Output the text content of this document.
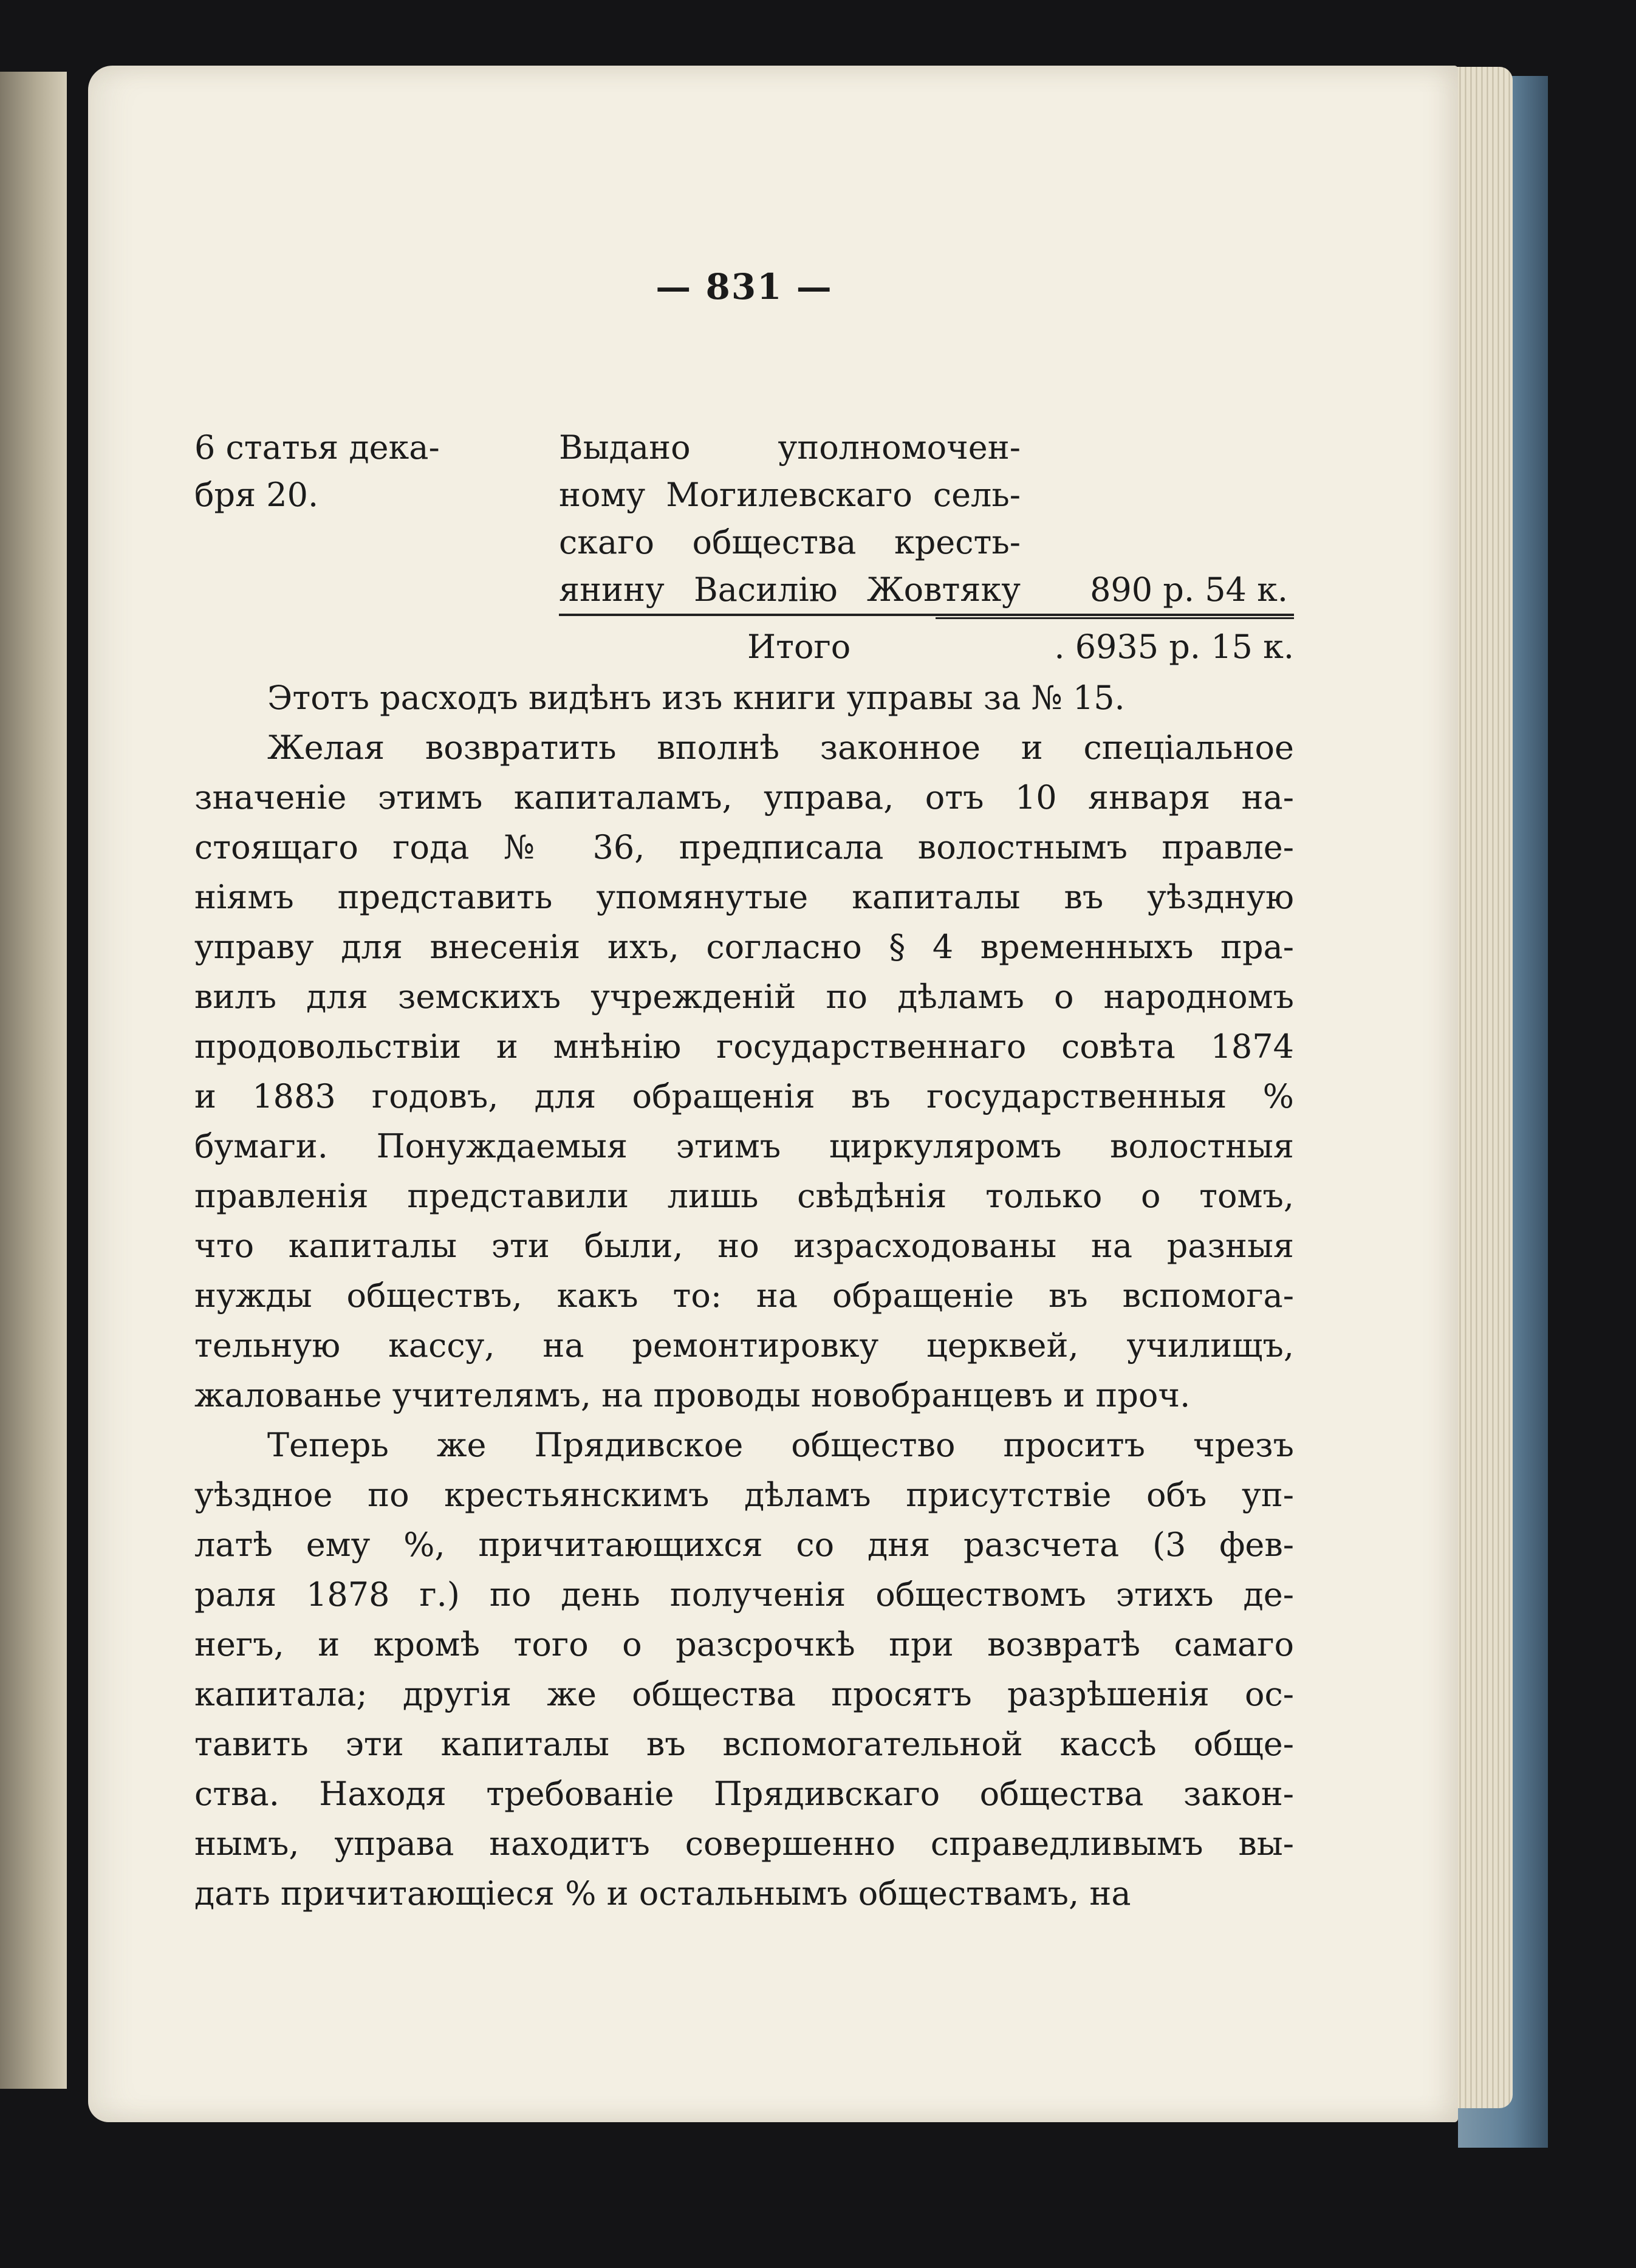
— 831 —
6 статья дека-
бря 20.
Выдано уполномочен-
ному Могилевскаго сель-
скаго общества кресть-
янину Василію Жовтяку 890 р. 54 к.
Итого	. 6935 р. 15 к.
Этотъ расходъ видѣнъ изъ книги управы за № 15.
Желая возвратить вполнѣ законное и спеціальное
значеніе этимъ капиталамъ, управа, отъ 10 января на-
стоящаго года № 36, предписала волостнымъ правле-
ніямъ представить упомянутые капиталы въ уѣздную
управу для внесенія ихъ, согласно § 4 временныхъ пра-
вилъ для земскихъ учрежденій по дѣламъ о народномъ
продовольствіи и мнѣнію государственнаго совѣта 1874
и 1883 годовъ, для обращенія въ государственныя %
бумаги. Понуждаемыя этимъ циркуляромъ волостныя
правленія представили лишь свѣдѣнія только о томъ,
что капиталы эти были, но израсходованы на разныя
нужды обществъ, какъ то: на обращеніе въ вспомога-
тельную кассу, на ремонтировку церквей, училищъ,
жалованье учителямъ, на проводы новобранцевъ и проч.
Теперь же Прядивское общество проситъ чрезъ
уѣздное по крестьянскимъ дѣламъ присутствіе объ уп-
латѣ ему %, причитающихся со дня разсчета (3 фев-
раля 1878 г.) по день полученія обществомъ этихъ де-
негъ, и кромѣ того о разсрочкѣ при возвратѣ самаго
капитала; другія же общества просятъ разрѣшенія ос-
тавить эти капиталы въ вспомогательной кассѣ обще-
ства. Находя требованіе Прядивскаго общества закон-
нымъ, управа находитъ совершенно справедливымъ вы-
дать причитающіеся % и остальнымъ обществамъ, на
